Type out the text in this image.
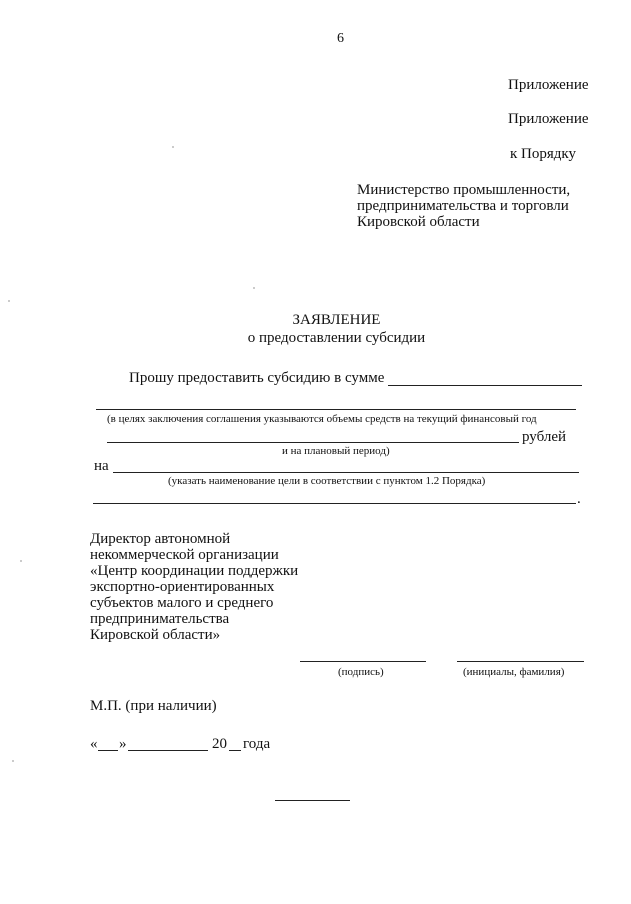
6
Приложение
Приложение
к Порядку
Министерство промышленности,
предпринимательства и торговли
Кировской области
ЗАЯВЛЕНИЕ
о предоставлении субсидии
Прошу предоставить субсидию в сумме
(в целях заключения соглашения указываются объемы средств на текущий финансовый год
рублей
и на плановый период)
на
(указать наименование цели в соответствии с пунктом 1.2 Порядка)
.
Директор автономной
некоммерческой организации
«Центр координации поддержки
экспортно-ориентированных
субъектов малого и среднего
предпринимательства
Кировской области»
(подпись)	(инициалы, фамилия)
М.П. (при наличии)
« »	20 года
